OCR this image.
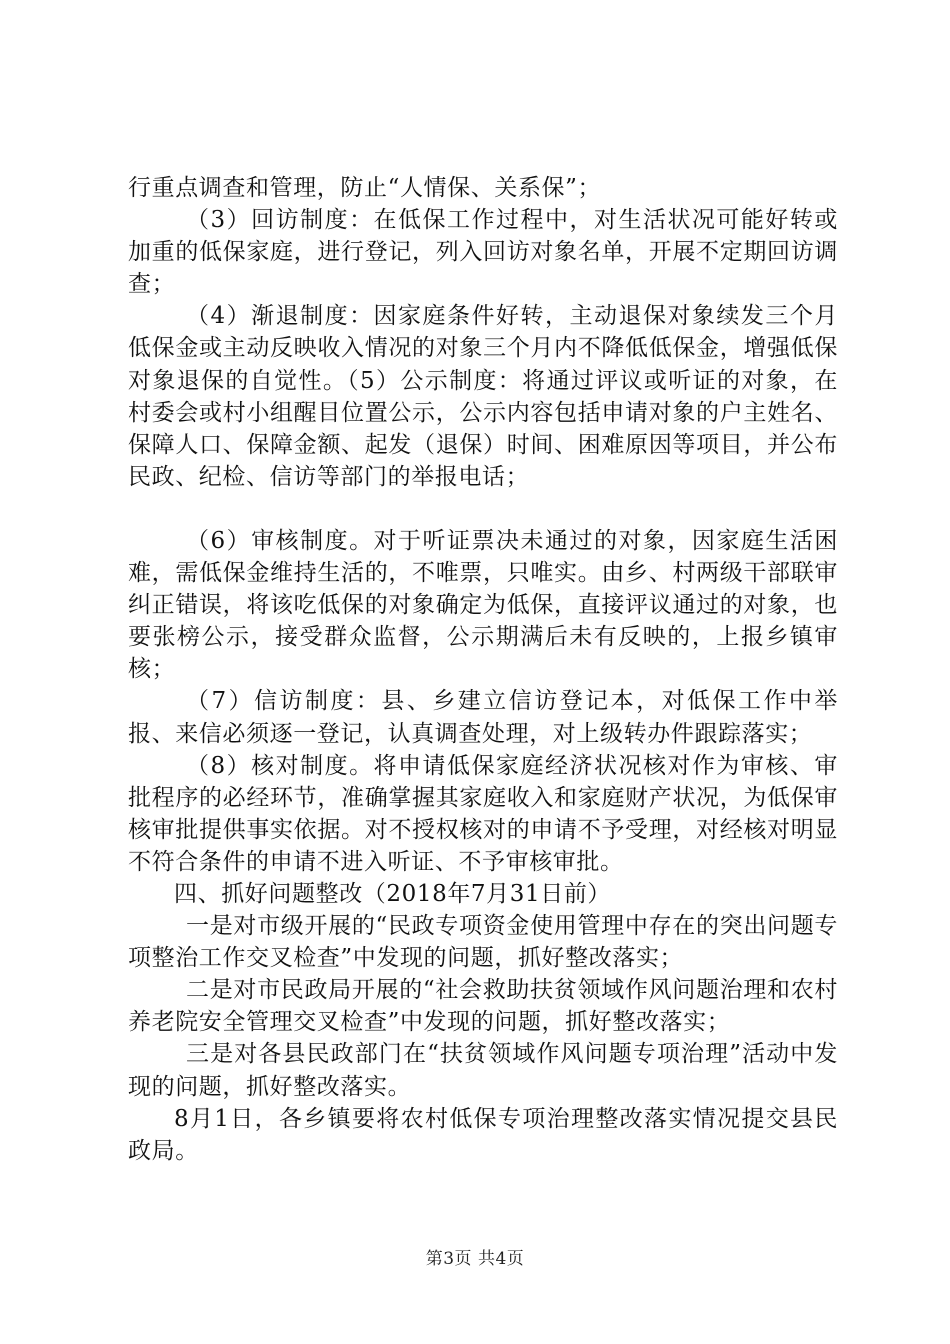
行重点调查和管理，防止“人情保、关系保”；

（3）回访制度：在低保工作过程中，对生活状况可能好转或加重的低保家庭，进行登记，列入回访对象名单，开展不定期回访调查；

（4）渐退制度：因家庭条件好转，主动退保对象续发三个月低保金或主动反映收入情况的对象三个月内不降低低保金，增强低保对象退保的自觉性。（5）公示制度：将通过评议或听证的对象，在村委会或村小组醒目位置公示，公示内容包括申请对象的户主姓名、保障人口、保障金额、起发（退保）时间、困难原因等项目，并公布民政、纪检、信访等部门的举报电话；

（6）审核制度。对于听证票决未通过的对象，因家庭生活困难，需低保金维持生活的，不唯票，只唯实。由乡、村两级干部联审纠正错误，将该吃低保的对象确定为低保，直接评议通过的对象，也要张榜公示，接受群众监督，公示期满后未有反映的，上报乡镇审核；

（7）信访制度：县、乡建立信访登记本，对低保工作中举报、来信必须逐一登记，认真调查处理，对上级转办件跟踪落实；

（8）核对制度。将申请低保家庭经济状况核对作为审核、审批程序的必经环节，准确掌握其家庭收入和家庭财产状况，为低保审核审批提供事实依据。对不授权核对的申请不予受理，对经核对明显不符合条件的申请不进入听证、不予审核审批。

四、抓好问题整改（2018年7月31日前）

一是对市级开展的“民政专项资金使用管理中存在的突出问题专项整治工作交叉检查”中发现的问题，抓好整改落实；

二是对市民政局开展的“社会救助扶贫领域作风问题治理和农村养老院安全管理交叉检查”中发现的问题，抓好整改落实；

三是对各县民政部门在“扶贫领域作风问题专项治理”活动中发现的问题，抓好整改落实。

8月1日，各乡镇要将农村低保专项治理整改落实情况提交县民政局。

第3页 共4页
